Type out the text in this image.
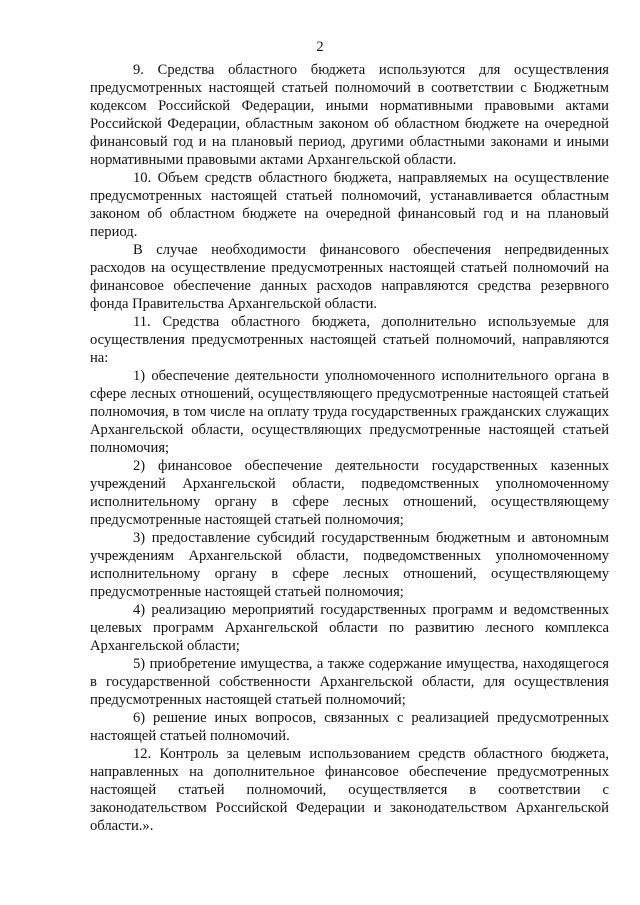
2

9. Средства областного бюджета используются для осуществления предусмотренных настоящей статьей полномочий в соответствии с Бюджетным кодексом Российской Федерации, иными нормативными правовыми актами Российской Федерации, областным законом об областном бюджете на очередной финансовый год и на плановый период, другими областными законами и иными нормативными правовыми актами Архангельской области.

10. Объем средств областного бюджета, направляемых на осуществление предусмотренных настоящей статьей полномочий, устанавливается областным законом об областном бюджете на очередной финансовый год и на плановый период.

В случае необходимости финансового обеспечения непредвиденных расходов на осуществление предусмотренных настоящей статьей полномочий на финансовое обеспечение данных расходов направляются средства резервного фонда Правительства Архангельской области.

11. Средства областного бюджета, дополнительно используемые для осуществления предусмотренных настоящей статьей полномочий, направляются на:

1) обеспечение деятельности уполномоченного исполнительного органа в сфере лесных отношений, осуществляющего предусмотренные настоящей статьей полномочия, в том числе на оплату труда государственных гражданских служащих Архангельской области, осуществляющих предусмотренные настоящей статьей полномочия;

2) финансовое обеспечение деятельности государственных казенных учреждений Архангельской области, подведомственных уполномоченному исполнительному органу в сфере лесных отношений, осуществляющему предусмотренные настоящей статьей полномочия;

3) предоставление субсидий государственным бюджетным и автономным учреждениям Архангельской области, подведомственных уполномоченному исполнительному органу в сфере лесных отношений, осуществляющему предусмотренные настоящей статьей полномочия;

4) реализацию мероприятий государственных программ и ведомственных целевых программ Архангельской области по развитию лесного комплекса Архангельской области;

5) приобретение имущества, а также содержание имущества, находящегося в государственной собственности Архангельской области, для осуществления предусмотренных настоящей статьей полномочий;

6) решение иных вопросов, связанных с реализацией предусмотренных настоящей статьей полномочий.

12. Контроль за целевым использованием средств областного бюджета, направленных на дополнительное финансовое обеспечение предусмотренных настоящей статьей полномочий, осуществляется в соответствии с законодательством Российской Федерации и законодательством Архангельской области.».
